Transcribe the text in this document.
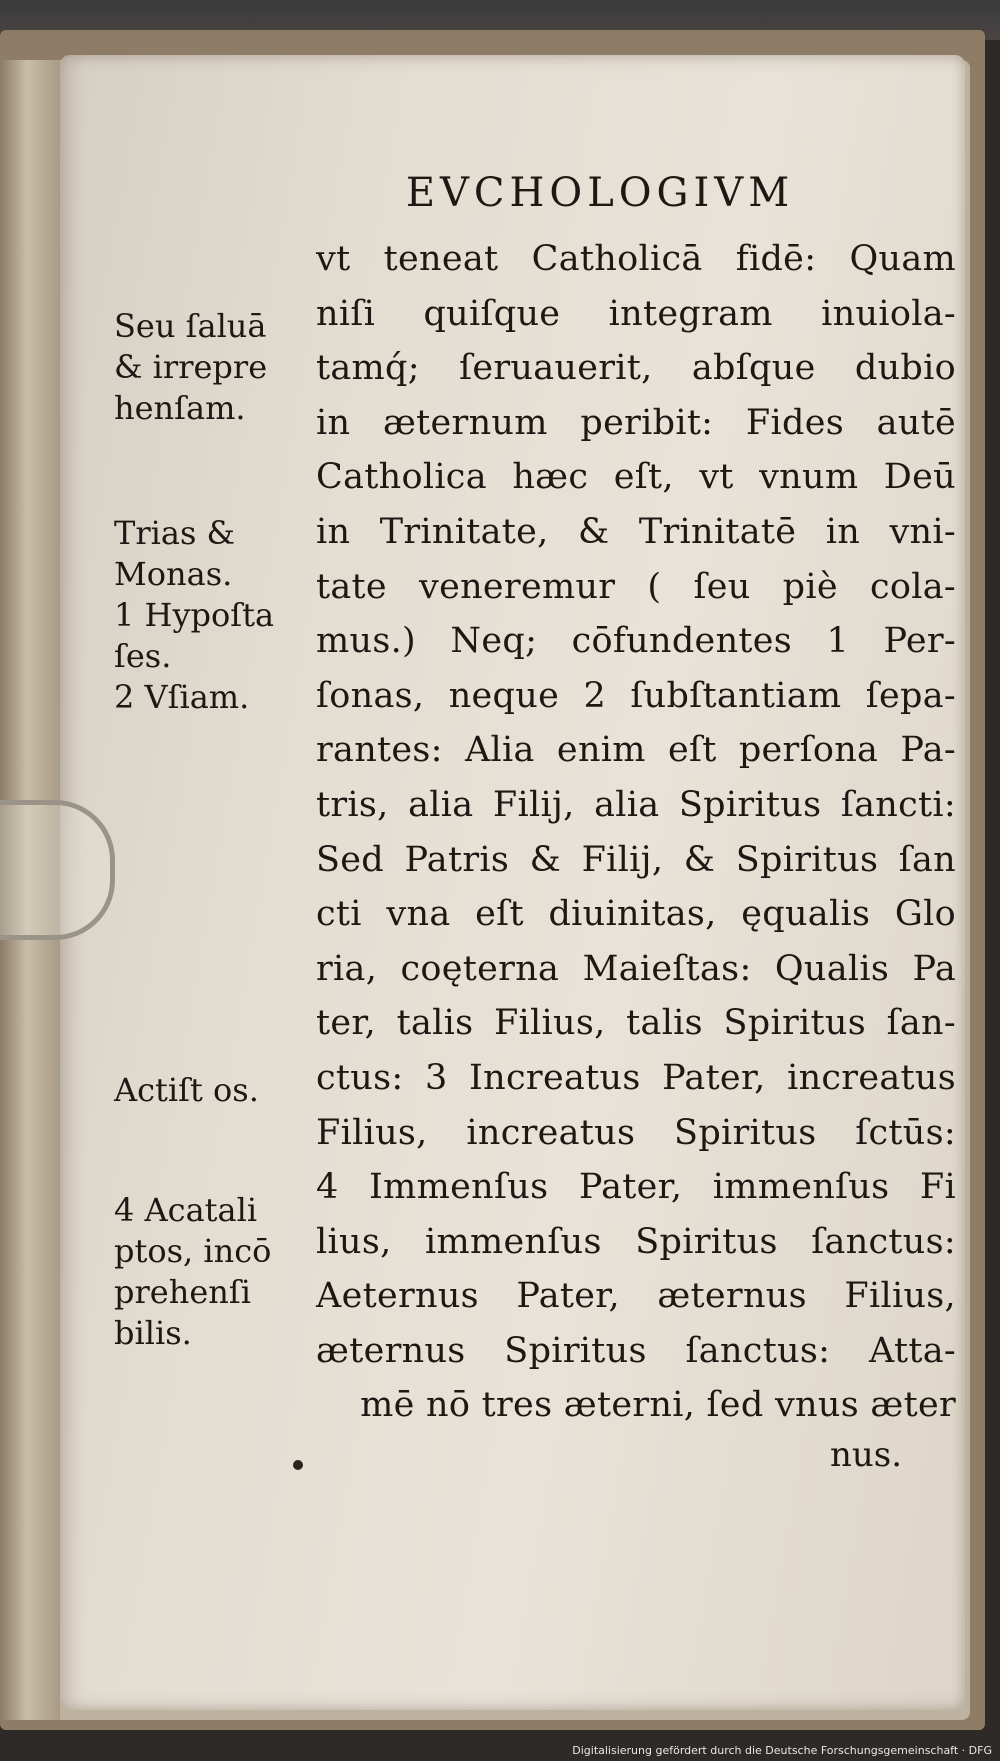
EVCHOLOGIVM
vt teneat Catholicā fidē: Quam
niſi quiſque integram inuiola-
tamq́; ſeruauerit, abſque dubio
in æternum peribit: Fides autē
Catholica hæc eſt, vt vnum Deū
in Trinitate, & Trinitatē in vni-
tate veneremur ( ſeu piè cola-
mus.) Neq; cōfundentes 1 Per-
ſonas, neque 2 ſubſtantiam ſepa-
rantes: Alia enim eſt perſona Pa-
tris, alia Filij, alia Spiritus ſancti:
Sed Patris & Filij, & Spiritus ſan
cti vna eſt diuinitas, ęqualis Glo
ria, coęterna Maieſtas: Qualis Pa
ter, talis Filius, talis Spiritus ſan-
ctus: 3 Increatus Pater, increatus
Filius, increatus Spiritus ſctūs:
4 Immenſus Pater, immenſus Fi
lius, immenſus Spiritus ſanctus:
Aeternus Pater, æternus Filius,
æternus Spiritus ſanctus: Atta-
mē nō tres æterni, ſed vnus æter
nus.
Seu ſaluā
& irrepre
henſam.
Trias &
Monas.
1 Hypoſta
ſes.
2 Vſiam.
Actiſt os.
4 Acatali
ptos, incō
prehenſi
bilis.
Digitalisierung gefördert durch die Deutsche Forschungsgemeinschaft · DFG
